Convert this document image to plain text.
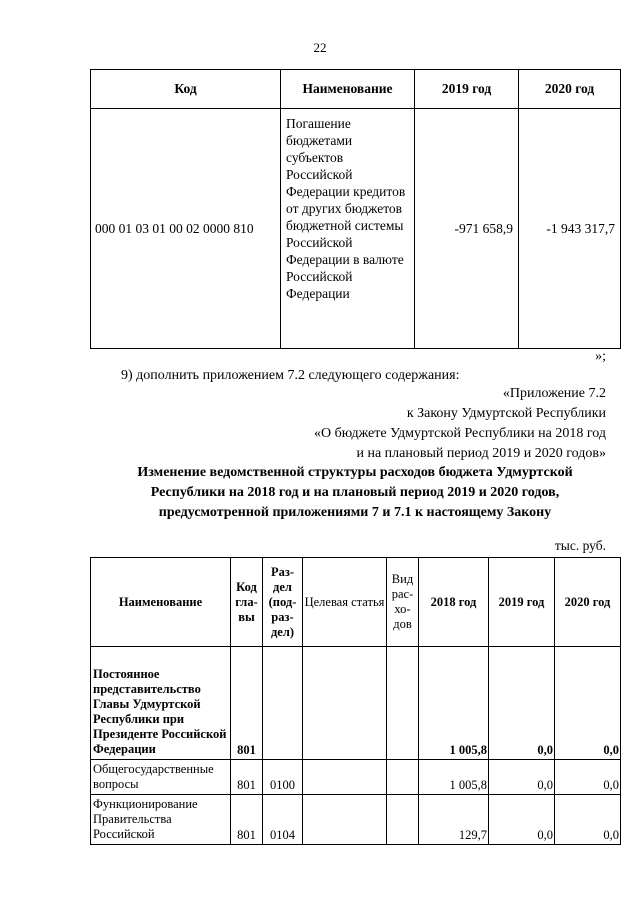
22
Код	Наименование	2019 год	2020 год
000 01 03 01 00 02 0000 810	Погашение бюджетами субъектов Российской Федерации кредитов от других бюджетов бюджетной системы Российской Федерации в валюте Российской Федерации	-971 658,9	-1 943 317,7
»;
9) дополнить приложением 7.2 следующего содержания:
«Приложение 7.2
к Закону Удмуртской Республики
«О бюджете Удмуртской Республики на 2018 год
и на плановый период 2019 и 2020 годов»
Изменение ведомственной структуры расходов бюджета Удмуртской
Республики на 2018 год и на плановый период 2019 и 2020 годов,
предусмотренной приложениями 7 и 7.1 к настоящему Закону
тыс. руб.
Наименование	Код гла- вы	Раз- дел (под- раз- дел)	Целевая статья	Вид рас- хо- дов	2018 год	2019 год	2020 год
Постоянное представительство Главы Удмуртской Республики при Президенте Российской Федерации	801				1 005,8	0,0	0,0
Общегосударственные вопросы	801	0100			1 005,8	0,0	0,0
Функционирование Правительства Российской	801	0104			129,7	0,0	0,0
